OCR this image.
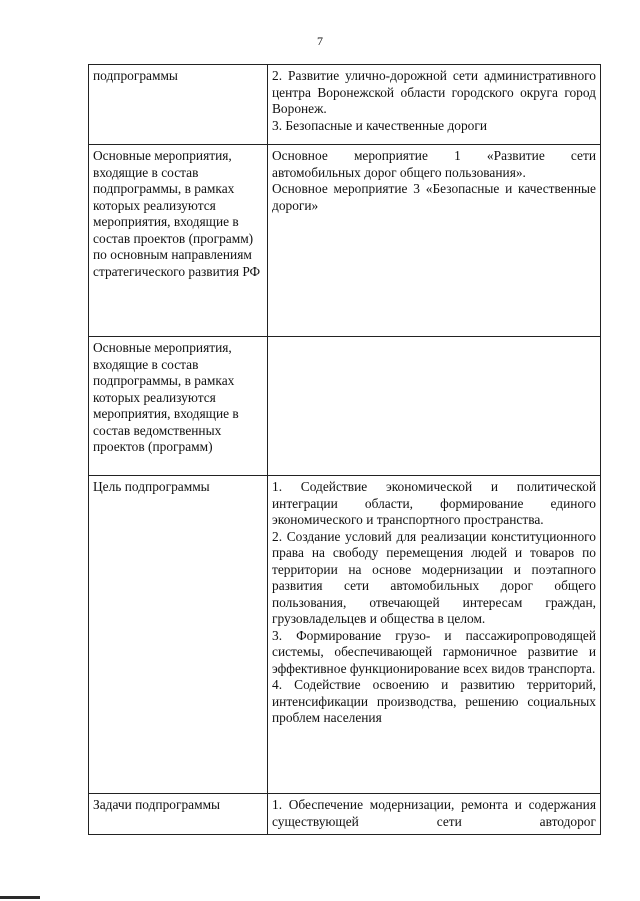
7
подпрограммы	2. Развитие улично-дорожной сети административного центра Воронежской области городского округа город Воронеж.
3. Безопасные и качественные дороги

Основные мероприятия, входящие в состав подпрограммы, в рамках которых реализуются мероприятия, входящие в состав проектов (программ) по основным направлениям стратегического развития РФ	Основное мероприятие 1 «Развитие сети автомобильных дорог общего пользования».
Основное мероприятие 3 «Безопасные и качественные дороги»

Основные мероприятия, входящие в состав подпрограммы, в рамках которых реализуются мероприятия, входящие в состав ведомственных проектов (программ)	
Цель подпрограммы	1. Содействие экономической и политической интеграции области, формирование единого экономического и транспортного пространства.
2. Создание условий для реализации конституционного права на свободу перемещения людей и товаров по территории на основе модернизации и поэтапного развития сети автомобильных дорог общего пользования, отвечающей интересам граждан, грузовладельцев и общества в целом.
3. Формирование грузо- и пассажиропроводящей системы, обеспечивающей гармоничное развитие и эффективное функционирование всех видов транспорта.
4. Содействие освоению и развитию территорий, интенсификации производства, решению социальных проблем населения

Задачи подпрограммы	1. Обеспечение модернизации, ремонта и содержания существующей сети автодорог
